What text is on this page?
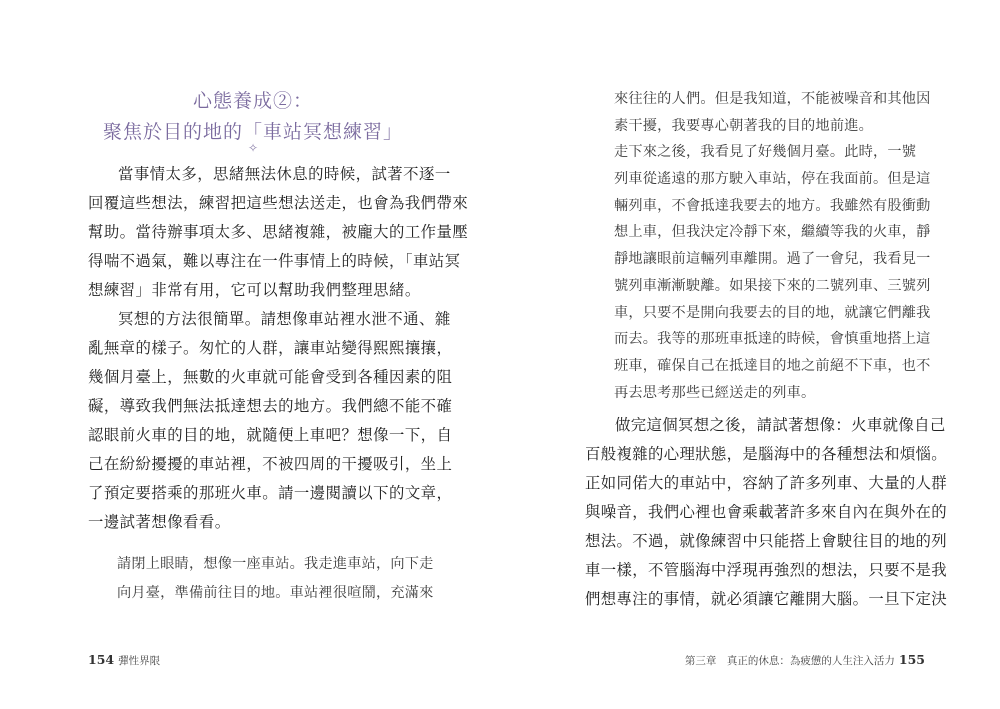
心態養成②：
聚焦於目的地的「車站冥想練習」
✧
當事情太多，思緒無法休息的時候，試著不逐一
回覆這些想法，練習把這些想法送走，也會為我們帶來
幫助。當待辦事項太多、思緒複雜，被龐大的工作量壓
得喘不過氣，難以專注在一件事情上的時候，「車站冥
想練習」非常有用，它可以幫助我們整理思緒。
冥想的方法很簡單。請想像車站裡水泄不通、雜
亂無章的樣子。匆忙的人群，讓車站變得熙熙攘攘，
幾個月臺上，無數的火車就可能會受到各種因素的阻
礙，導致我們無法抵達想去的地方。我們總不能不確
認眼前火車的目的地，就隨便上車吧？想像一下，自
己在紛紛擾擾的車站裡，不被四周的干擾吸引，坐上
了預定要搭乘的那班火車。請一邊閱讀以下的文章，
一邊試著想像看看。
請閉上眼睛，想像一座車站。我走進車站，向下走
向月臺，準備前往目的地。車站裡很喧鬧，充滿來
154 彈性界限
來往往的人們。但是我知道，不能被噪音和其他因
素干擾，我要專心朝著我的目的地前進。
走下來之後，我看見了好幾個月臺。此時，一號
列車從遙遠的那方駛入車站，停在我面前。但是這
輛列車，不會抵達我要去的地方。我雖然有股衝動
想上車，但我決定冷靜下來，繼續等我的火車，靜
靜地讓眼前這輛列車離開。過了一會兒，我看見一
號列車漸漸駛離。如果接下來的二號列車、三號列
車，只要不是開向我要去的目的地，就讓它們離我
而去。我等的那班車抵達的時候，會慎重地搭上這
班車，確保自己在抵達目的地之前絕不下車，也不
再去思考那些已經送走的列車。
做完這個冥想之後，請試著想像：火車就像自己
百般複雜的心理狀態，是腦海中的各種想法和煩惱。
正如同偌大的車站中，容納了許多列車、大量的人群
與噪音，我們心裡也會乘載著許多來自內在與外在的
想法。不過，就像練習中只能搭上會駛往目的地的列
車一樣，不管腦海中浮現再強烈的想法，只要不是我
們想專注的事情，就必須讓它離開大腦。一旦下定決
第三章　真正的休息：為疲憊的人生注入活力 155
